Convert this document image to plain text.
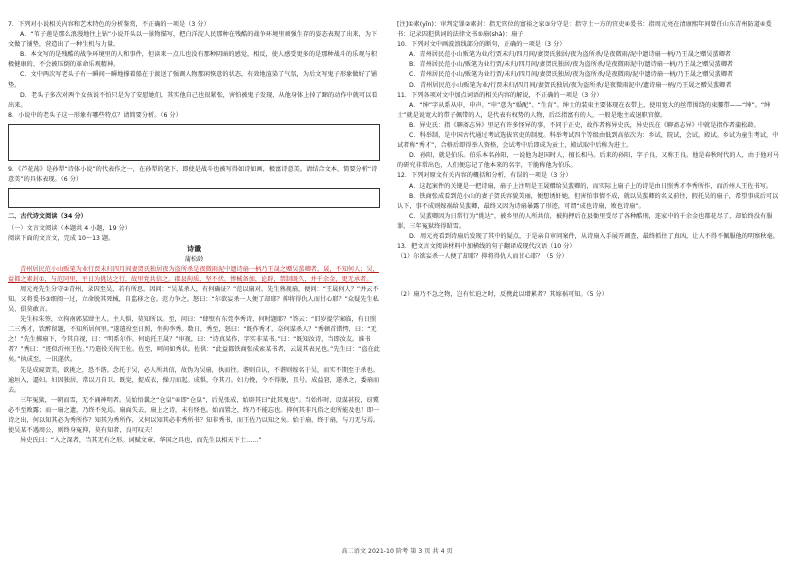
7．下列对小说相关内容和艺术特色的分析鉴赏，不正确的一项是（3 分）

A．“苇子莲是那么浪漫地往上钻”小说开头以一景物描写，把白洋淀人民那种在残酷的战争环境里顽强生存的姿态表现了出来，为下文做了铺垫，营造出了一种生机与力量。

B．本文写的是残酷的战争环境里的人和事件，但读来一点儿也没有那种阴暗的感觉，相反，使人感受更多的是那种战斗的乐观与积极健康的、不会被压倒的革命乐观精神。

C．文中两次写老头子有一瞬间一瞬地撑着船在于渡送了强调人物那闲恢意的状态，有效地渲染了气氛，为后文写鬼子形象做好了铺垫。

D．老头子多次对两个女孩说不怕只是为了安慰她们，其实他自己也很紧张，害怕被鬼子发现，从他身体上掉了蹿的动作中就可以看出来。

8．小说中的老头子这一形象有哪些特点？请简要分析。（6 分）

9．《芦花荡》是孙犁“诗体小说”的代表作之一，在孙犁的笔下，即使是战斗也被写得如诗如画，极富诗意美。请结合文本，简要分析“诗意美”的具体表现。（6 分）

二、古代诗文阅读（34 分）

（一）文言文阅读（本题共 4 小题，19 分）

阅读下面的文言文，完成 10～13 题。

诗谶

蒲松龄

青州居民范小山贩笔为业行贾未归四月间妻贺氏独居夜为盗所杀是夜微雨泥中遗诗扇一柄乃王晟之赠吴蜚卿者。晟，不知何人；吴，益都之素封①，与范同里，平日为佻达之行，故里党共信之。郡县拘质，坚不伏。惨械备加，论辟，禁制既久，并千余金，更无承者。

周元亮先生分守②青州，录囚至吴，若有所思。因问：“吴某杀人，有何确证？”范以扇对。先生熟视扇，便问：“王晟何人？”并云不知。又将爰书③细阅一过，立命脱其死械，自监移之仓。范力争之。怒曰：“尔欲妄杀一人便了却耶？抑将得仇人而甘心耶？”众疑先生私吴，俱莫敢言。

先生标朱签，立拘南郭某肆主人。主人惧，莫知所以。至，问曰：“肆壁有东莞李秀诗，何时题耶？”答云：“旧岁提学案临，有日照二三秀才，饮醉留题，不知所居何里。”遂遣役至日照，坐拘李秀。数日，秀至，怒曰：“既作秀才，奈何谋杀人？”秀顿首错愕，曰：“无之！”先生掷扇下，令其自视，曰：“明系尔作，何诡托王晟？”审视，曰：“诗真某作，字实非某书。”曰：“既知汝诗，当即汝友。谁书者？”秀曰：“迹似沂州王佐。”乃遣役关拘王佐。佐至，呵问如秀状。佐供：“此益都铁商张成索某书者，云晟其表兄也。”先生曰：“盗在此矣。”执成至，一讯遂伏。

先是成窥贺美，欲挑之，恐不谐。念托于吴，必人所共信，故伪为吴扇，执而往。谐则自认，不谐则嫁名于吴，而实不期至于杀也。逾垣入，逼妇。妇因独居，常以刀自卫。既觉，捉成衣，操刀而起。成惧，夺其刀。妇力挽，令不得脱，且号。成益窘，遂杀之，委扇而去。

三年冤狱，一朝而雪，无不诵神明者。吴始悟曩之“仓皇”④即“仓皇”，后见张成，始辟其曰“此其鬼也”。当始作时，设谋甚狡，窃冀必不至败露；而一扇之遗，乃终不免焉。扇面失去，扇上之诗，未有怪也。始而置之，终乃不能忘也。抑何其非凡俗之吏所能及也！即一诗之出，何以知其必为秀所作？知其为秀所作，又何以知其必非秀所书？知非秀书，而王佐乃以知之矣。始于扇，终于扇，与刀无与焉。使吴某不遇周公，则终身冤抑，莫有知者，良可叹夫！

异史氏曰：“入之深者，当其无有之形。词赋文章，华国之具也，而先生以相天下士……”

[注]①素(yīn)：审判定罪②素封：指无官位的富裕之家③分守是：指守土一方的官吏④爰书：指周元亮在清康熙年间曾任山东青州防道④爰书：记录囚犯供词的法律文书⑤扇(shà)：扇子

10．下列对文中画波浪线部分的断句，正确的一项是（3 分）

A．青州居民范小山贩笔为业/行贾未归/四月间/妻贺氏独居/夜为盗所杀/是夜微雨/泥中遗诗扇一柄/乃王晟之赠吴蜚卿者

B．青州居民范小山/贩笔为业行贾/未归/四月间/妻贺氏独居/夜为盗所杀/是夜微雨泥中/遗诗扇一柄/乃王晟之赠吴蜚卿者

C．青州居民范小山/贩笔为业行贾/未归/四月间/妻贺氏独居/夜为盗所杀/是夜微雨/泥中遗诗扇一柄/乃王晟之赠吴蜚卿者

D．青州居民范小山贩笔为业/行贾未归/四月间/妻贺氏独居/夜为盗所杀/是夜微雨泥中/遗诗扇一柄/乃王晟之赠吴蜚卿者

11．下列各项对文中加点词语的相关内容的解说，不正确的一项是（3 分）

A．“绅”字从系从申，申声。“申”意为“婚配”、“生育”。绅士的装束主要体现在衣带上，使用宽大的丝带围绕的束腰带——“绅”。“绅士”就是说宽大的带子佩带的人，是代表有权势的人物，后泛指富有的人，一般是地主或退职官僚。

B．异史氏：指《聊斋志异》里记有许多怪异的事，不同于正史，故作者称异史氏，异史氏在《聊斋志异》中就是指作者蒲松龄。

C．科举制，是中国古代通过考试选拔官吏的制度。科举考试四个等级由低到高依次为：乡试，院试，会试，殿试。乡试为童生考试，中试者称“秀才”，合格后即得举人资格，会试考中后即成为贡士，殿试取中后称为进士。

D．孙阳，就是伯乐。伯乐本名孙阳，一说他为赵国时人，擅长相马。后来的孙阳，字子良，又称王良。他是春秋时代的人，由于他对马的研究非常出色，人们便忘记了他本来的名字，干脆称他为伯乐。

12．下列对原文有关内容的概括和分析，有误的一项是（3 分）

A．这起案件的关键是一把诗扇，扇子上注明是王晟赠给吴蜚卿的，而实际上扇子上的诗是由日照秀才李秀所作，而沂州人王佐书写。

B．铁商张成看到范小山的妻子贺氏容貌美丽，便想诱奸她，但害怕事情不成，就以吴蜚卿的名义前往，假托吴的扇子，希望事成后可以认下，事不成则嫁祸给吴蜚卿，最终又因为诗扇暴露了形迹，可谓“成也诗扇，败也诗扇”。

C．吴蜚卿因为日常行为“佻达”，被乡里的人所共信，被拘押后在县衙里受尽了各种酷刑，连家中的千余金也都花尽了，却始终没有服罪，三年冤狱终得昭雪。

D．周元亮看到诗扇后发现了其中的疑点，于是亲自审问案件，从诗扇入手展开调查，最终抓住了真凶，让人不得不佩服他的明察秋毫。

13．把文言文阅读材料中加横线的句子翻译成现代汉语（10 分）

（1）尔欲妄杀一人便了却耶？抑将得仇人而甘心耶？（5 分）

（2）扇乃不急之物，岂有忙迫之时，反携此以增累者？其嫁祸可知。（5 分）

高二语文 2021-10 阶考 第 3 页 共 4 页
